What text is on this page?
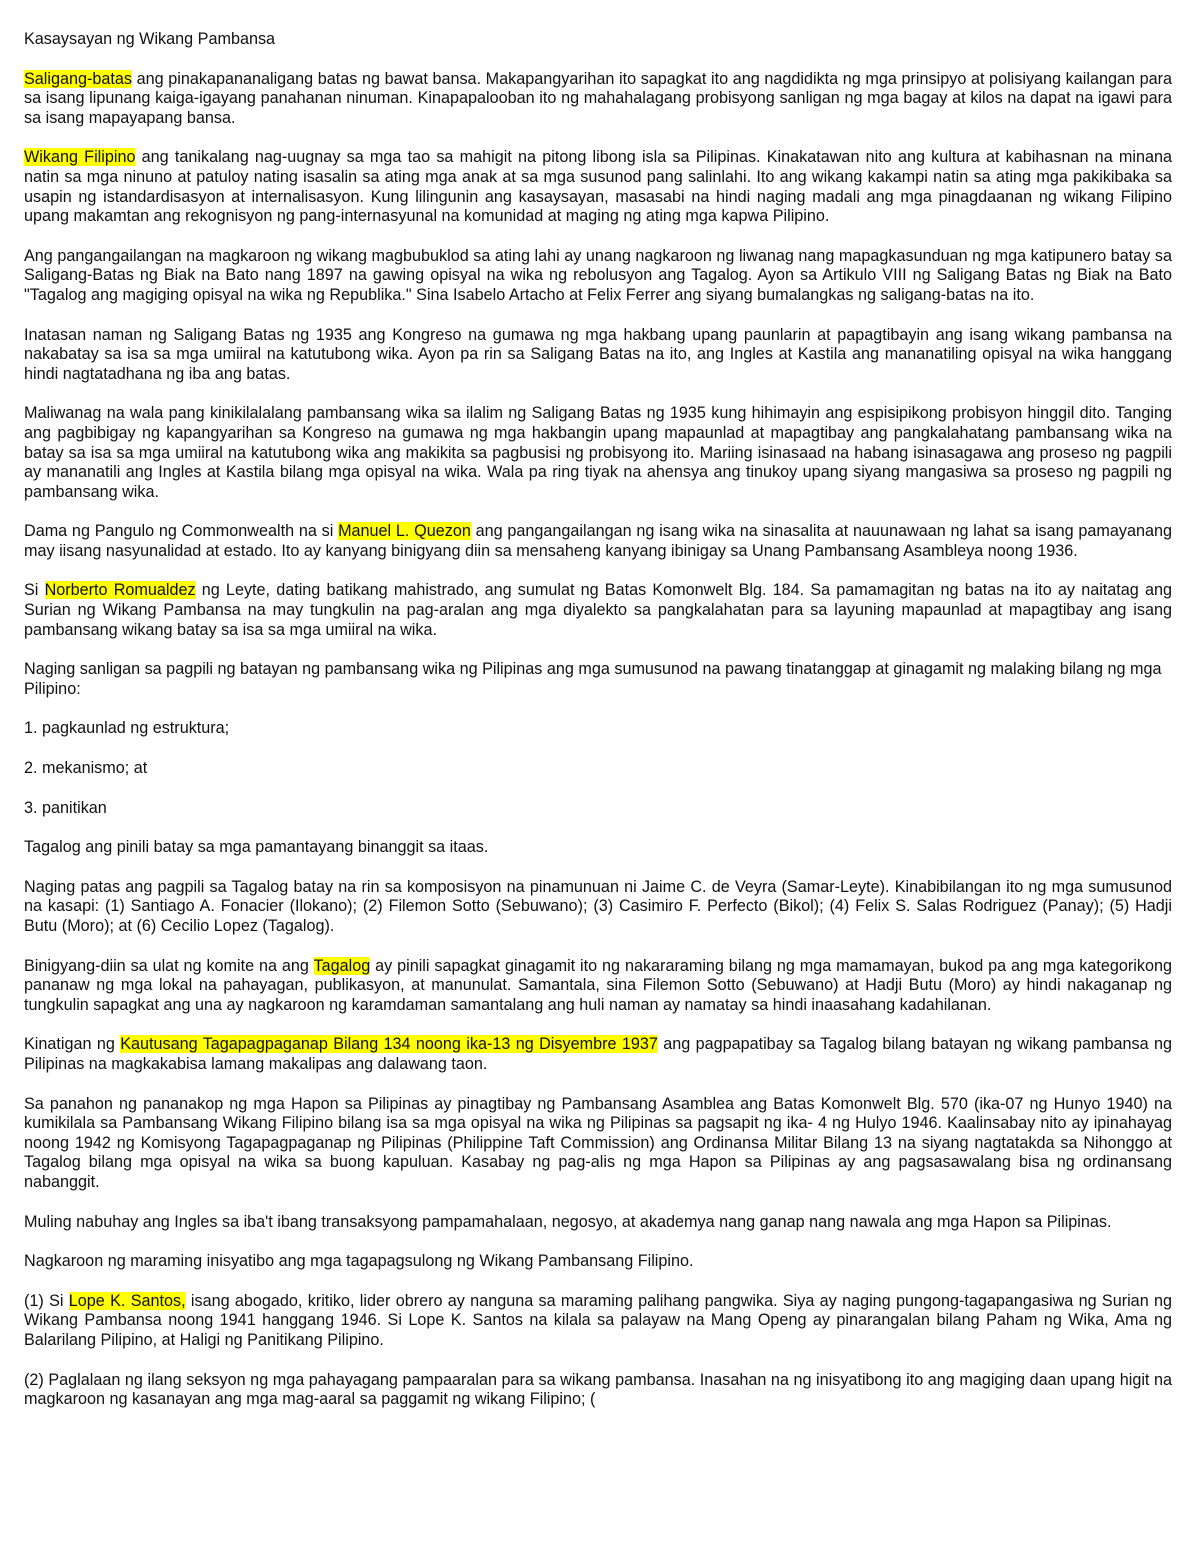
Kasaysayan ng Wikang Pambansa

Saligang-batas ang pinakapananaligang batas ng bawat bansa. Makapangyarihan ito sapagkat ito ang nagdidikta ng mga prinsipyo at polisiyang kailangan para sa isang lipunang kaiga-igayang panahanan ninuman. Kinapapalooban ito ng mahahalagang probisyong sanligan ng mga bagay at kilos na dapat na igawi para sa isang mapayapang bansa.

Wikang Filipino ang tanikalang nag-uugnay sa mga tao sa mahigit na pitong libong isla sa Pilipinas. Kinakatawan nito ang kultura at kabihasnan na minana natin sa mga ninuno at patuloy nating isasalin sa ating mga anak at sa mga susunod pang salinlahi. Ito ang wikang kakampi natin sa ating mga pakikibaka sa usapin ng istandardisasyon at internalisasyon. Kung lilingunin ang kasaysayan, masasabi na hindi naging madali ang mga pinagdaanan ng wikang Filipino upang makamtan ang rekognisyon ng pang-internasyunal na komunidad at maging ng ating mga kapwa Pilipino.

Ang pangangailangan na magkaroon ng wikang magbubuklod sa ating lahi ay unang nagkaroon ng liwanag nang mapagkasunduan ng mga katipunero batay sa Saligang-Batas ng Biak na Bato nang 1897 na gawing opisyal na wika ng rebolusyon ang Tagalog. Ayon sa Artikulo VIII ng Saligang Batas ng Biak na Bato "Tagalog ang magiging opisyal na wika ng Republika." Sina Isabelo Artacho at Felix Ferrer ang siyang bumalangkas ng saligang-batas na ito.

Inatasan naman ng Saligang Batas ng 1935 ang Kongreso na gumawa ng mga hakbang upang paunlarin at papagtibayin ang isang wikang pambansa na nakabatay sa isa sa mga umiiral na katutubong wika. Ayon pa rin sa Saligang Batas na ito, ang Ingles at Kastila ang mananatiling opisyal na wika hanggang hindi nagtatadhana ng iba ang batas.

Maliwanag na wala pang kinikilalalang pambansang wika sa ilalim ng Saligang Batas ng 1935 kung hihimayin ang espisipikong probisyon hinggil dito. Tanging ang pagbibigay ng kapangyarihan sa Kongreso na gumawa ng mga hakbangin upang mapaunlad at mapagtibay ang pangkalahatang pambansang wika na batay sa isa sa mga umiiral na katutubong wika ang makikita sa pagbusisi ng probisyong ito. Mariing isinasaad na habang isinasagawa ang proseso ng pagpili ay mananatili ang Ingles at Kastila bilang mga opisyal na wika. Wala pa ring tiyak na ahensya ang tinukoy upang siyang mangasiwa sa proseso ng pagpili ng pambansang wika.

Dama ng Pangulo ng Commonwealth na si Manuel L. Quezon ang pangangailangan ng isang wika na sinasalita at nauunawaan ng lahat sa isang pamayanang may iisang nasyunalidad at estado. Ito ay kanyang binigyang diin sa mensaheng kanyang ibinigay sa Unang Pambansang Asambleya noong 1936.

Si Norberto Romualdez ng Leyte, dating batikang mahistrado, ang sumulat ng Batas Komonwelt Blg. 184. Sa pamamagitan ng batas na ito ay naitatag ang Surian ng Wikang Pambansa na may tungkulin na pag-aralan ang mga diyalekto sa pangkalahatan para sa layuning mapaunlad at mapagtibay ang isang pambansang wikang batay sa isa sa mga umiiral na wika.

Naging sanligan sa pagpili ng batayan ng pambansang wika ng Pilipinas ang mga sumusunod na pawang tinatanggap at ginagamit ng malaking bilang ng mga Pilipino:

1. pagkaunlad ng estruktura;

2. mekanismo; at

3. panitikan

Tagalog ang pinili batay sa mga pamantayang binanggit sa itaas.

Naging patas ang pagpili sa Tagalog batay na rin sa komposisyon na pinamunuan ni Jaime C. de Veyra (Samar-Leyte). Kinabibilangan ito ng mga sumusunod na kasapi: (1) Santiago A. Fonacier (Ilokano); (2) Filemon Sotto (Sebuwano); (3) Casimiro F. Perfecto (Bikol); (4) Felix S. Salas Rodriguez (Panay); (5) Hadji Butu (Moro); at (6) Cecilio Lopez (Tagalog).

Binigyang-diin sa ulat ng komite na ang Tagalog ay pinili sapagkat ginagamit ito ng nakararaming bilang ng mga mamamayan, bukod pa ang mga kategorikong pananaw ng mga lokal na pahayagan, publikasyon, at manunulat. Samantala, sina Filemon Sotto (Sebuwano) at Hadji Butu (Moro) ay hindi nakaganap ng tungkulin sapagkat ang una ay nagkaroon ng karamdaman samantalang ang huli naman ay namatay sa hindi inaasahang kadahilanan.

Kinatigan ng Kautusang Tagapagpaganap Bilang 134 noong ika-13 ng Disyembre 1937 ang pagpapatibay sa Tagalog bilang batayan ng wikang pambansa ng Pilipinas na magkakabisa lamang makalipas ang dalawang taon.

Sa panahon ng pananakop ng mga Hapon sa Pilipinas ay pinagtibay ng Pambansang Asamblea ang Batas Komonwelt Blg. 570 (ika-07 ng Hunyo 1940) na kumikilala sa Pambansang Wikang Filipino bilang isa sa mga opisyal na wika ng Pilipinas sa pagsapit ng ika- 4 ng Hulyo 1946. Kaalinsabay nito ay ipinahayag noong 1942 ng Komisyong Tagapagpaganap ng Pilipinas (Philippine Taft Commission) ang Ordinansa Militar Bilang 13 na siyang nagtatakda sa Nihonggo at Tagalog bilang mga opisyal na wika sa buong kapuluan. Kasabay ng pag-alis ng mga Hapon sa Pilipinas ay ang pagsasawalang bisa ng ordinansang nabanggit.

Muling nabuhay ang Ingles sa iba't ibang transaksyong pampamahalaan, negosyo, at akademya nang ganap nang nawala ang mga Hapon sa Pilipinas.

Nagkaroon ng maraming inisyatibo ang mga tagapagsulong ng Wikang Pambansang Filipino.

(1) Si Lope K. Santos, isang abogado, kritiko, lider obrero ay nanguna sa maraming palihang pangwika. Siya ay naging pungong-tagapangasiwa ng Surian ng Wikang Pambansa noong 1941 hanggang 1946. Si Lope K. Santos na kilala sa palayaw na Mang Openg ay pinarangalan bilang Paham ng Wika, Ama ng Balarilang Pilipino, at Haligi ng Panitikang Pilipino.

(2) Paglalaan ng ilang seksyon ng mga pahayagang pampaaralan para sa wikang pambansa. Inasahan na ng inisyatibong ito ang magiging daan upang higit na magkaroon ng kasanayan ang mga mag-aaral sa paggamit ng wikang Filipino; (
